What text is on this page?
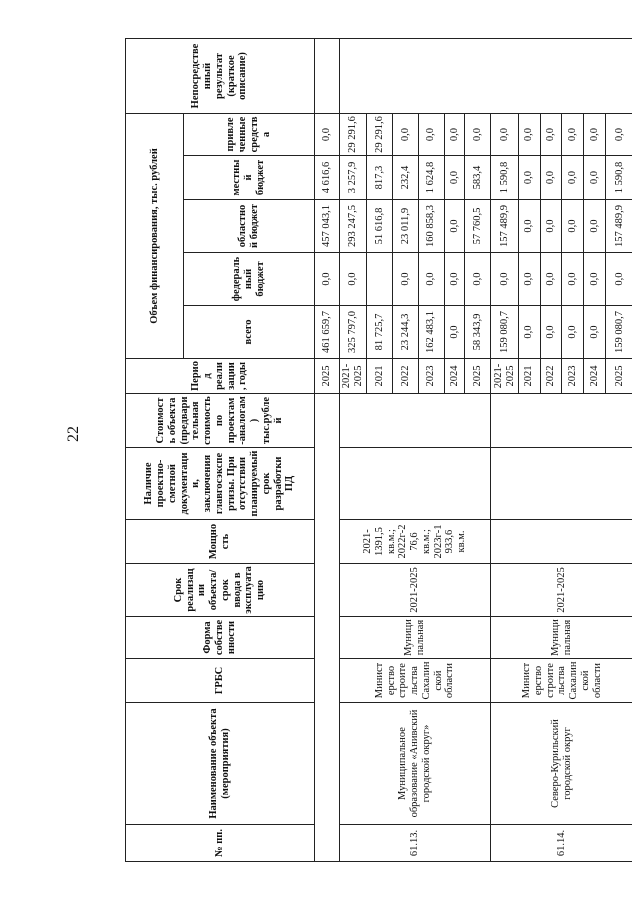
22
№ пп.	Наименование объекта (мероприятия)	ГРБС	Форма собственности	Срок реализации объекта/срок ввода в эксплуатацию	Мощность	Наличие проектно-сметной документации, заключения главгосэкспертизы. При отсутствии планируемый срок разработки ПД	Стоимость объекта (предварительная стоимость по проектам-аналогам) тыс.рублей	Период реализации, годы	Объем финансирования, тыс. рублей					Непосредственный результат (краткое описание)
									всего	федеральный бюджет	областной бюджет	местный бюджет	привлеченные средства	
								2025	461 659,7	0,0	457 043,1	4 616,6	0,0	
61.13.	Муниципальное образование «Анивский городской округ»	Министерство строительства Сахалинской области	Муниципальная	2021-2025	2021-1391,5 кв.м.; 2022г-276,6 кв.м.; 2023г-1933,6 кв.м.			2021-2025	325 797,0	0,0	293 247,5	3 257,9	29 291,6	
								2021	81 725,7		51 616,8	817,3	29 291,6	
								2022	23 244,3	0,0	23 011,9	232,4	0,0	
								2023	162 483,1	0,0	160 858,3	1 624,8	0,0	
								2024	0,0	0,0	0,0	0,0	0,0	
								2025	58 343,9	0,0	57 760,5	583,4	0,0	
61.14.	Северо-Курильский городской округ	Министерство строительства Сахалинской области	Муниципальная	2021-2025				2021-2025	159 080,7	0,0	157 489,9	1 590,8	0,0	
								2021	0,0	0,0	0,0	0,0	0,0	
								2022	0,0	0,0	0,0	0,0	0,0	
								2023	0,0	0,0	0,0	0,0	0,0	
								2024	0,0	0,0	0,0	0,0	0,0	
								2025	159 080,7	0,0	157 489,9	1 590,8	0,0	
